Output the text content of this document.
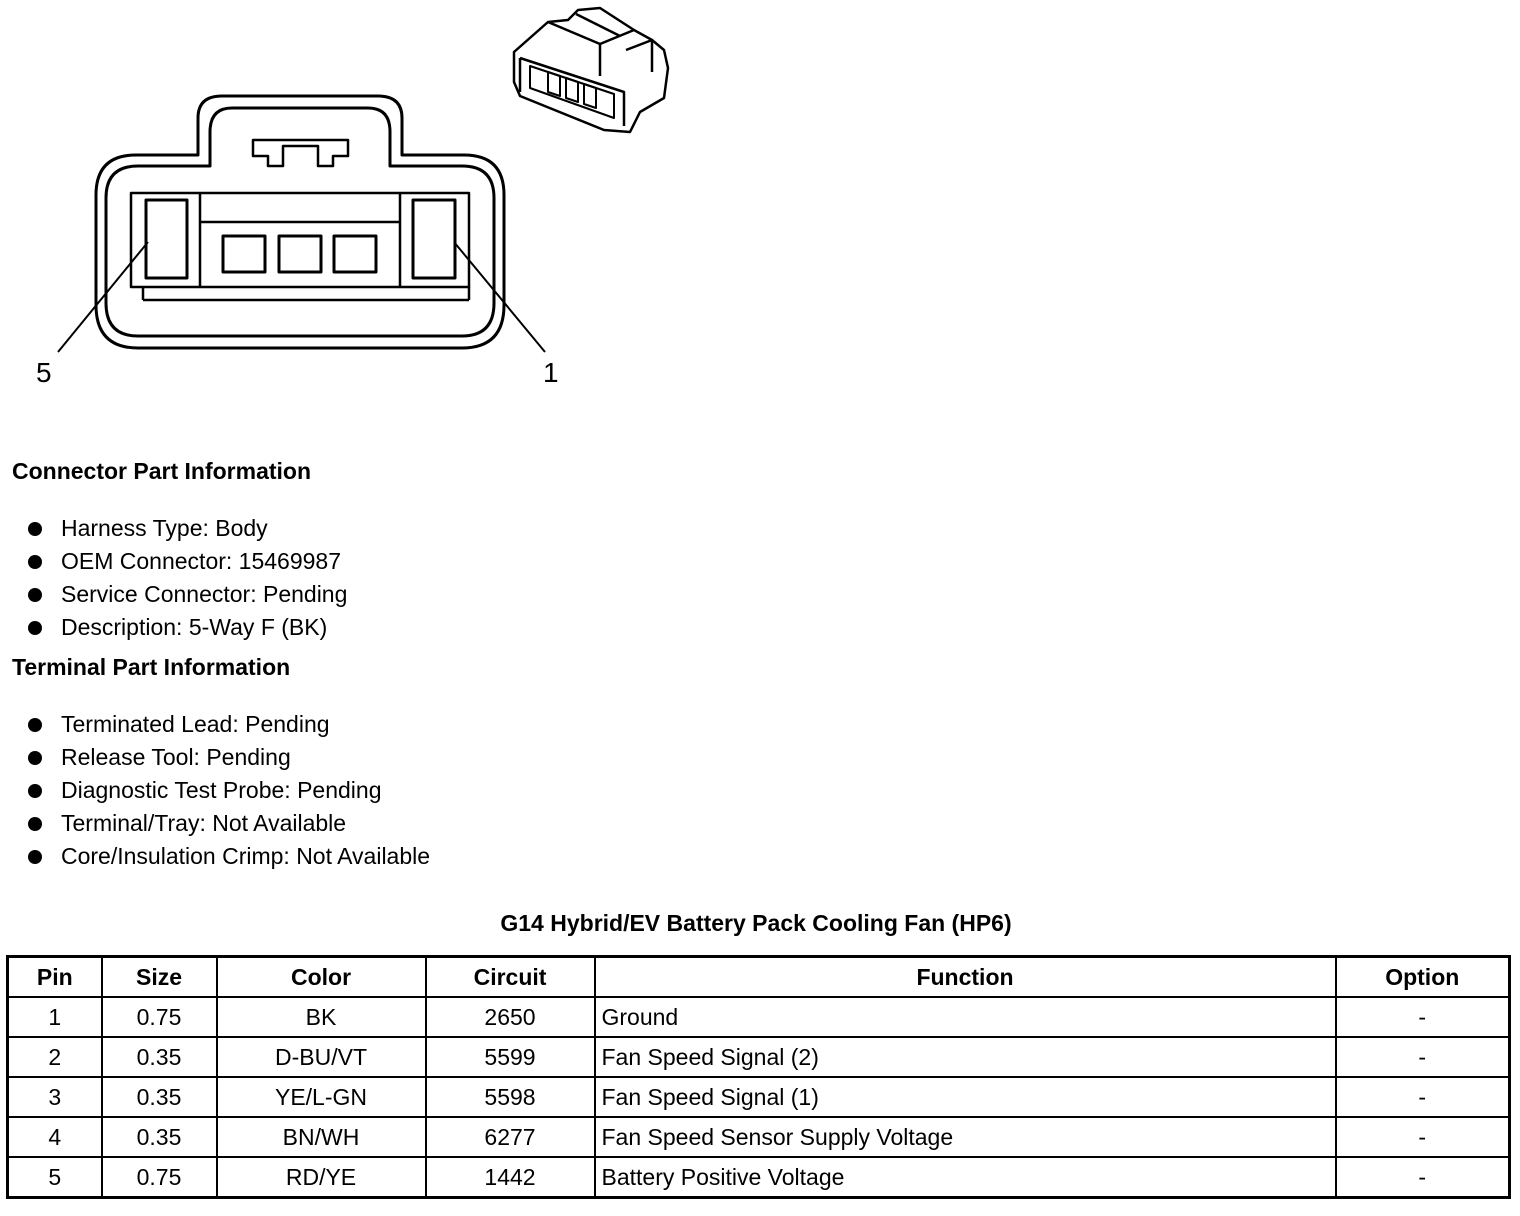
5	1
Connector Part Information
Harness Type: Body
OEM Connector: 15469987
Service Connector: Pending
Description: 5-Way F (BK)
Terminal Part Information
Terminated Lead: Pending
Release Tool: Pending
Diagnostic Test Probe: Pending
Terminal/Tray: Not Available
Core/Insulation Crimp: Not Available
G14 Hybrid/EV Battery Pack Cooling Fan (HP6)
Pin	Size	Color	Circuit	Function	Option
1	0.75	BK	2650	Ground	-
2	0.35	D-BU/VT	5599	Fan Speed Signal (2)	-
3	0.35	YE/L-GN	5598	Fan Speed Signal (1)	-
4	0.35	BN/WH	6277	Fan Speed Sensor Supply Voltage	-
5	0.75	RD/YE	1442	Battery Positive Voltage	-
